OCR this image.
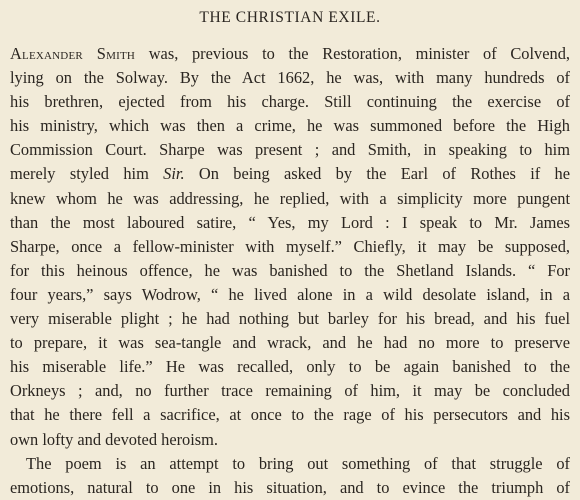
THE CHRISTIAN EXILE.

Alexander Smith was, previous to the Restoration, minister of Colvend,
lying on the Solway. By the Act 1662, he was, with many hundreds of
his brethren, ejected from his charge. Still continuing the exercise of
his ministry, which was then a crime, he was summoned before the High
Commission Court. Sharpe was present ; and Smith, in speaking to him
merely styled him Sir. On being asked by the Earl of Rothes if he
knew whom he was addressing, he replied, with a simplicity more pungent
than the most laboured satire, “ Yes, my Lord : I speak to Mr. James
Sharpe, once a fellow-minister with myself.” Chiefly, it may be supposed,
for this heinous offence, he was banished to the Shetland Islands. “ For
four years,” says Wodrow, “ he lived alone in a wild desolate island, in a
very miserable plight ; he had nothing but barley for his bread, and his fuel
to prepare, it was sea-tangle and wrack, and he had no more to preserve
his miserable life.” He was recalled, only to be again banished to the
Orkneys ; and, no further trace remaining of him, it may be concluded
that he there fell a sacrifice, at once to the rage of his persecutors and his
own lofty and devoted heroism.

The poem is an attempt to bring out something of that struggle of
emotions, natural to one in his situation, and to evince the triumph of
